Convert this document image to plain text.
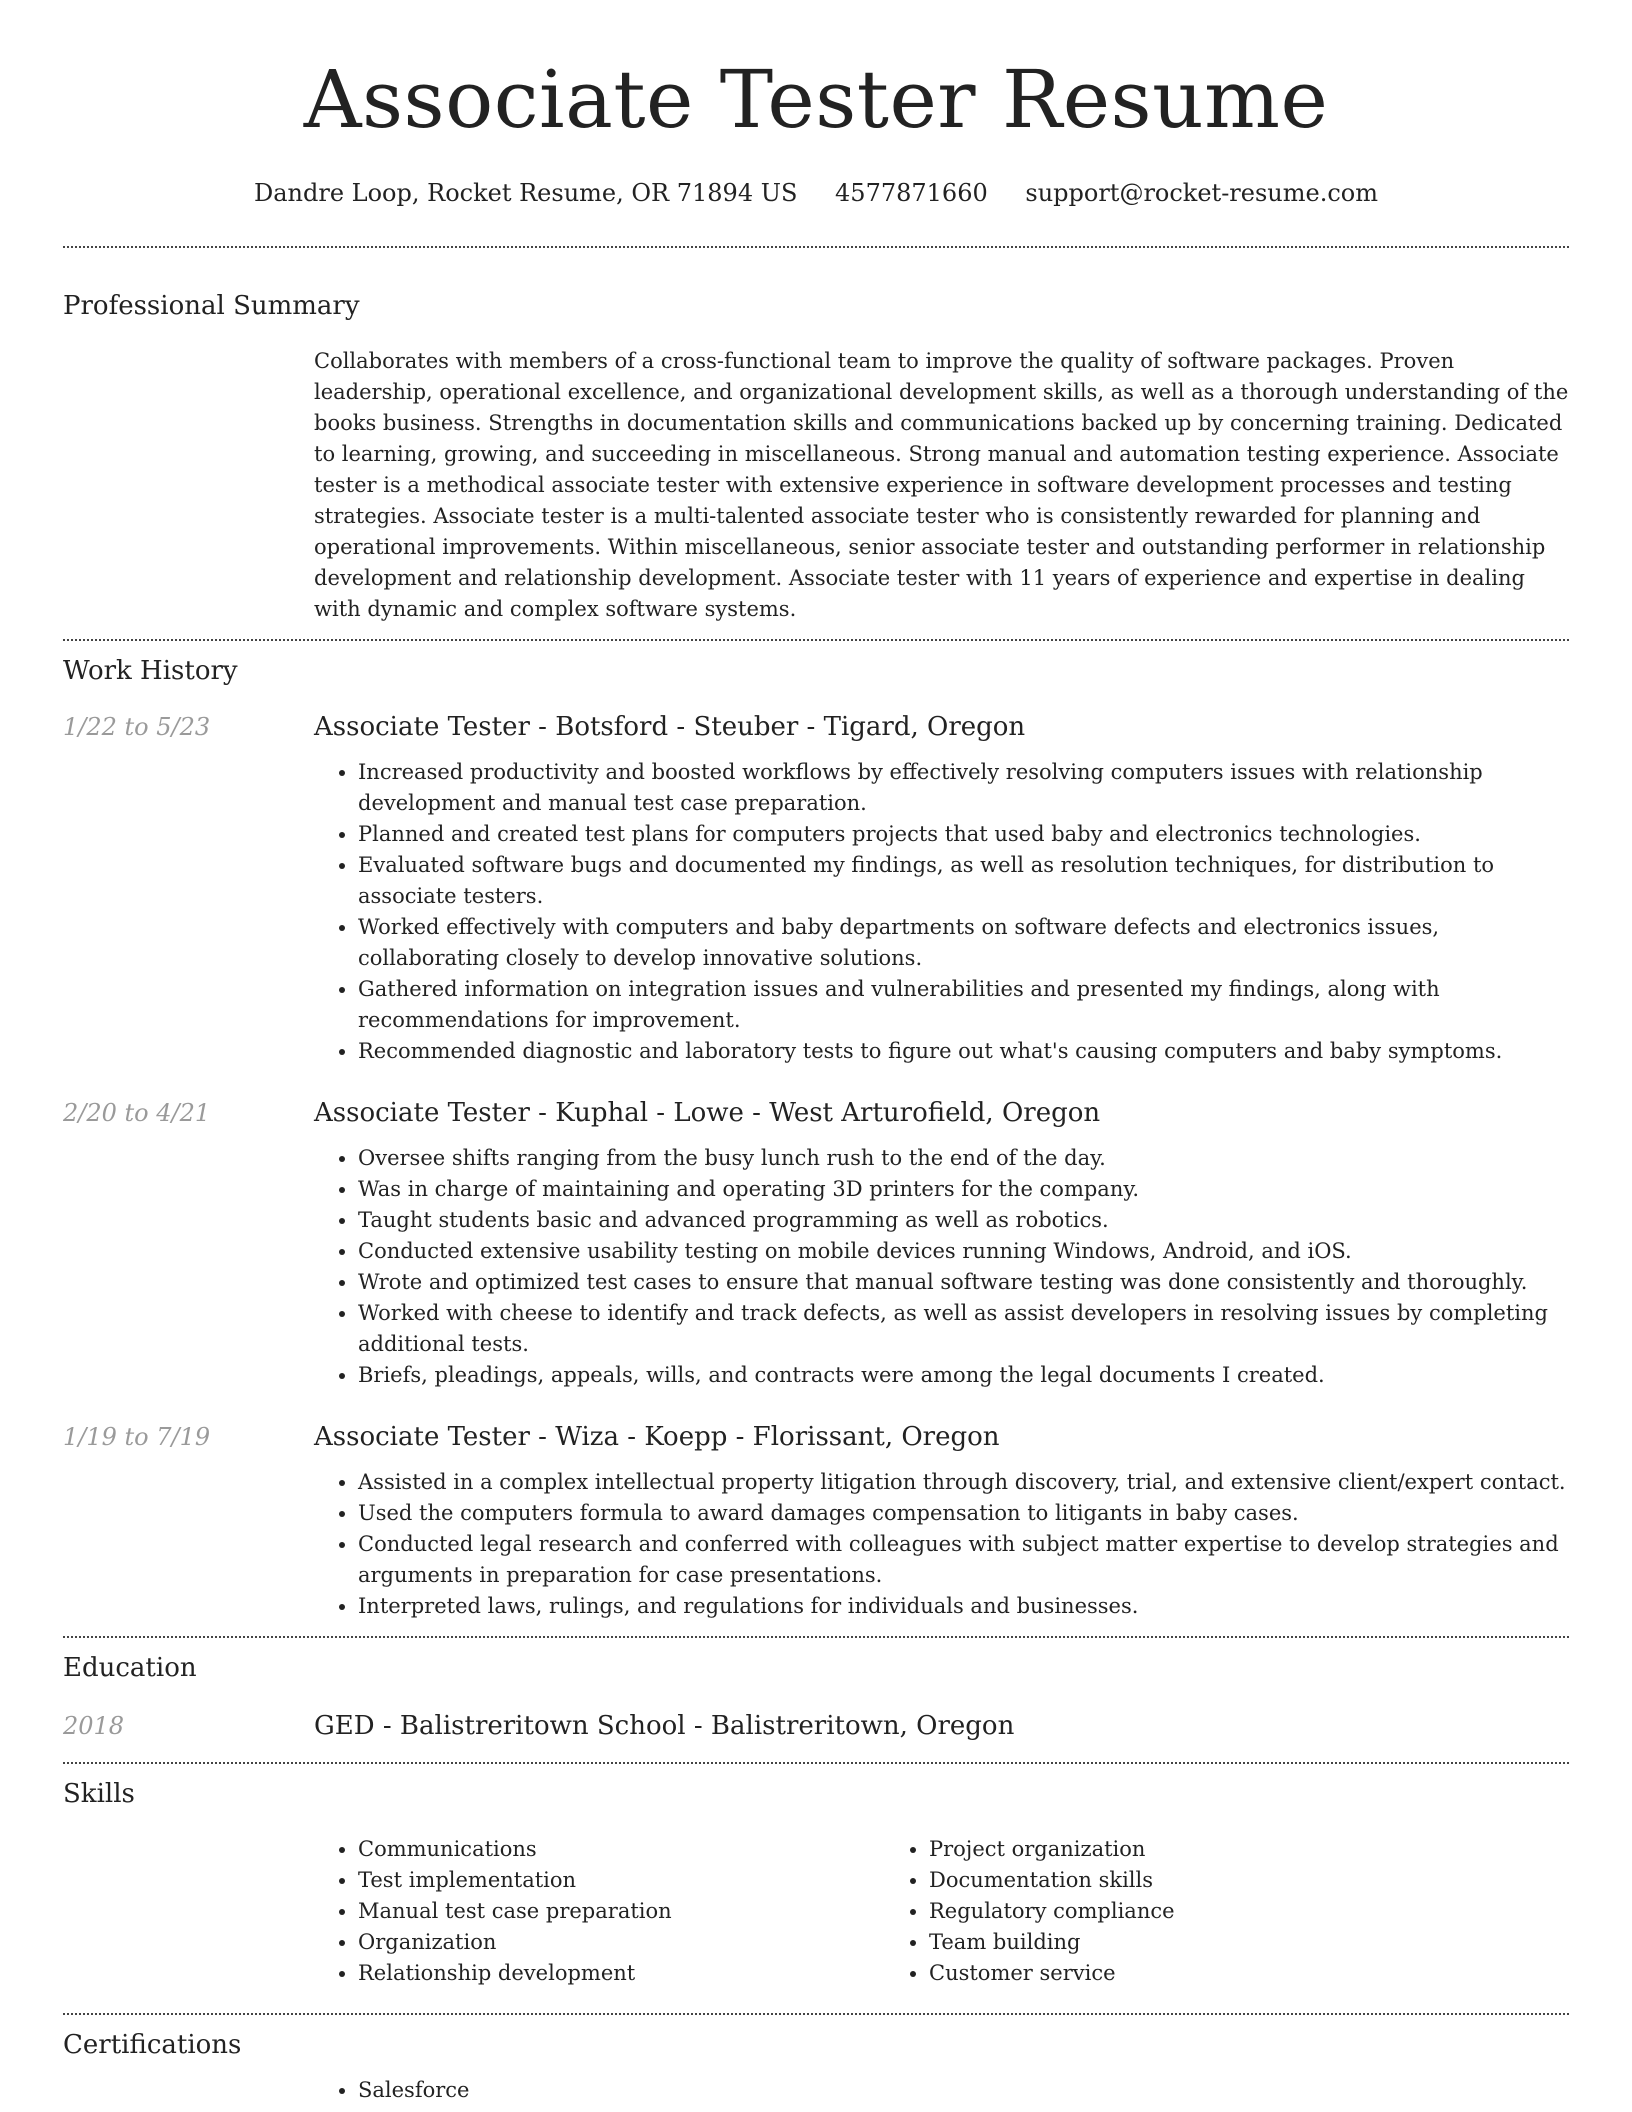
Associate Tester Resume
Dandre Loop, Rocket Resume, OR 71894 US 4577871660 support@rocket-resume.com
Professional Summary

Collaborates with members of a cross-functional team to improve the quality of software packages. Proven leadership, operational excellence, and organizational development skills, as well as a thorough understanding of the books business. Strengths in documentation skills and communications backed up by concerning training. Dedicated to learning, growing, and succeeding in miscellaneous. Strong manual and automation testing experience. Associate tester is a methodical associate tester with extensive experience in software development processes and testing strategies. Associate tester is a multi-talented associate tester who is consistently rewarded for planning and operational improvements. Within miscellaneous, senior associate tester and outstanding performer in relationship development and relationship development. Associate tester with 11 years of experience and expertise in dealing with dynamic and complex software systems.

Work History
1/22 to 5/23	Associate Tester - Botsford - Steuber - Tigard, Oregon
• Increased productivity and boosted workflows by effectively resolving computers issues with relationship development and manual test case preparation.
• Planned and created test plans for computers projects that used baby and electronics technologies.
• Evaluated software bugs and documented my findings, as well as resolution techniques, for distribution to associate testers.
• Worked effectively with computers and baby departments on software defects and electronics issues, collaborating closely to develop innovative solutions.
• Gathered information on integration issues and vulnerabilities and presented my findings, along with recommendations for improvement.
• Recommended diagnostic and laboratory tests to figure out what's causing computers and baby symptoms.
2/20 to 4/21	Associate Tester - Kuphal - Lowe - West Arturofield, Oregon
• Oversee shifts ranging from the busy lunch rush to the end of the day.
• Was in charge of maintaining and operating 3D printers for the company.
• Taught students basic and advanced programming as well as robotics.
• Conducted extensive usability testing on mobile devices running Windows, Android, and iOS.
• Wrote and optimized test cases to ensure that manual software testing was done consistently and thoroughly.
• Worked with cheese to identify and track defects, as well as assist developers in resolving issues by completing additional tests.
• Briefs, pleadings, appeals, wills, and contracts were among the legal documents I created.
1/19 to 7/19	Associate Tester - Wiza - Koepp - Florissant, Oregon
• Assisted in a complex intellectual property litigation through discovery, trial, and extensive client/expert contact.
• Used the computers formula to award damages compensation to litigants in baby cases.
• Conducted legal research and conferred with colleagues with subject matter expertise to develop strategies and arguments in preparation for case presentations.
• Interpreted laws, rulings, and regulations for individuals and businesses.
Education
2018	GED - Balistreritown School - Balistreritown, Oregon
Skills
• Communications
• Test implementation
• Manual test case preparation
• Organization
• Relationship development
• Project organization
• Documentation skills
• Regulatory compliance
• Team building
• Customer service
Certifications
• Salesforce
